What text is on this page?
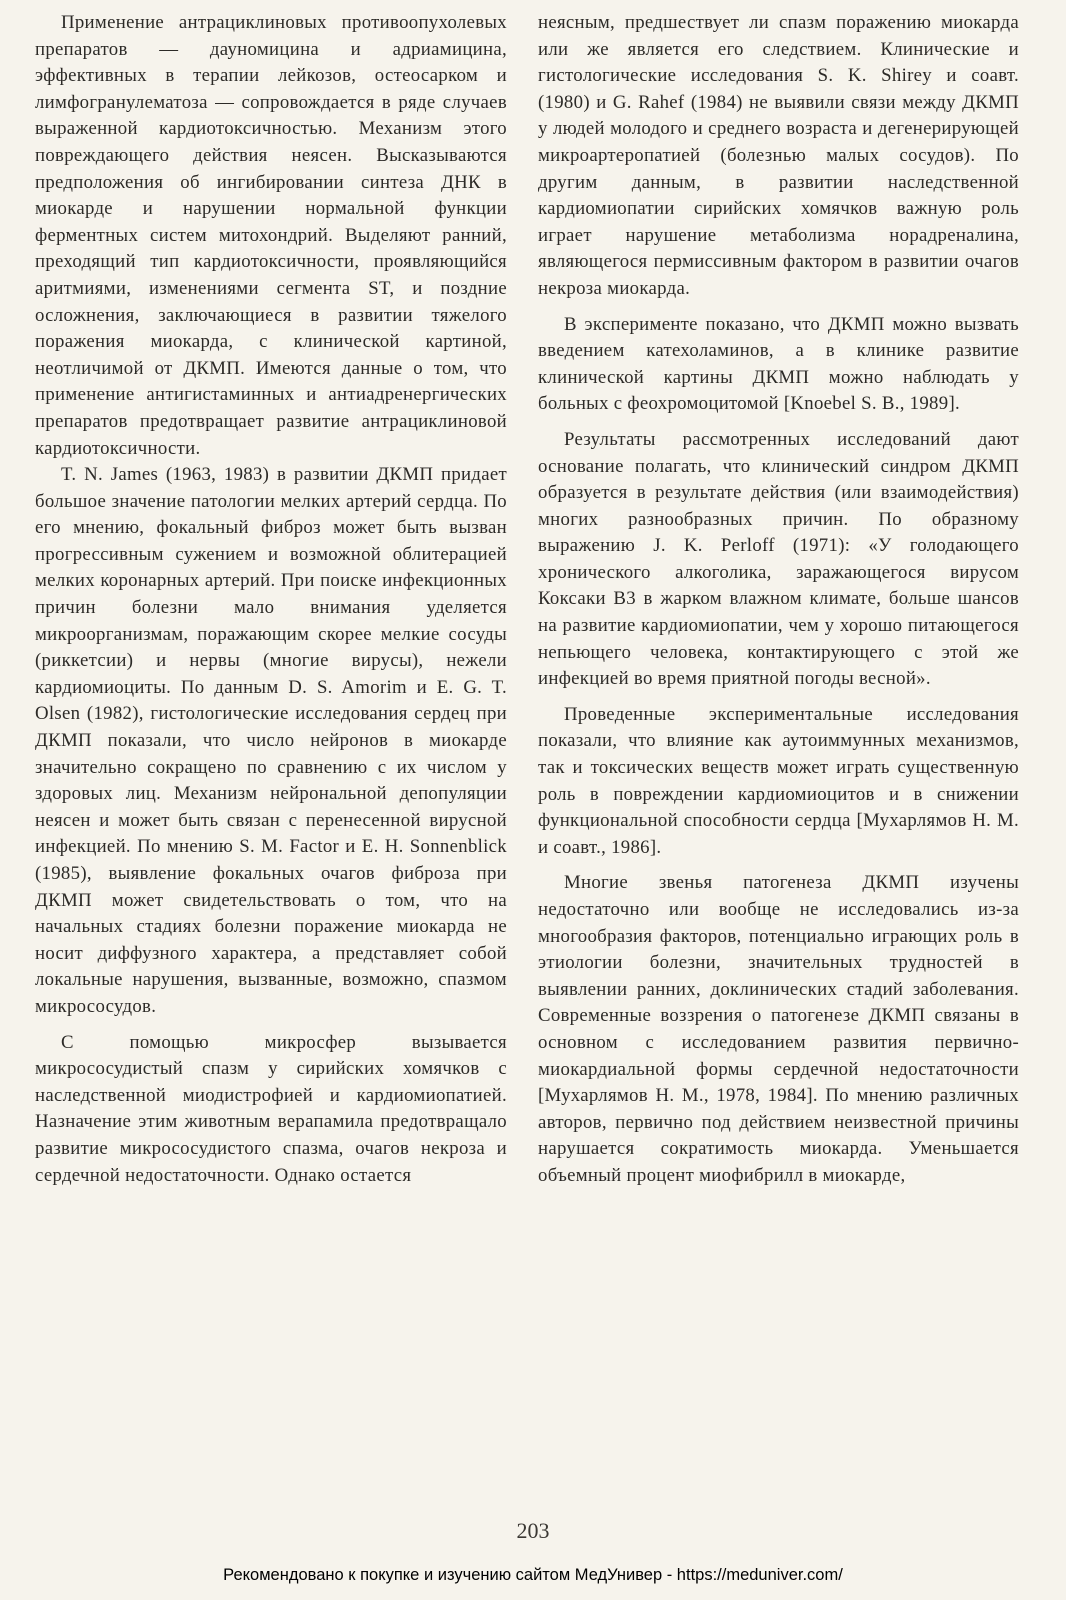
Применение антрациклиновых противоопухолевых препаратов — дауномицина и адриамицина, эффективных в терапии лейкозов, остеосарком и лимфогранулематоза — сопровождается в ряде случаев выраженной кардиотоксичностью. Механизм этого повреждающего действия неясен. Высказываются предположения об ингибировании синтеза ДНК в миокарде и нарушении нормальной функции ферментных систем митохондрий. Выделяют ранний, преходящий тип кардиотоксичности, проявляющийся аритмиями, изменениями сегмента ST, и поздние осложнения, заключающиеся в развитии тяжелого поражения миокарда, с клинической картиной, неотличимой от ДКМП. Имеются данные о том, что применение антигистаминных и антиадренергических препаратов предотвращает развитие антрациклиновой кардиотоксичности.

T. N. James (1963, 1983) в развитии ДКМП придает большое значение патологии мелких артерий сердца. По его мнению, фокальный фиброз может быть вызван прогрессивным сужением и возможной облитерацией мелких коронарных артерий. При поиске инфекционных причин болезни мало внимания уделяется микроорганизмам, поражающим скорее мелкие сосуды (риккетсии) и нервы (многие вирусы), нежели кардиомиоциты. По данным D. S. Amorim и E. G. T. Olsen (1982), гистологические исследования сердец при ДКМП показали, что число нейронов в миокарде значительно сокращено по сравнению с их числом у здоровых лиц. Механизм нейрональной депопуляции неясен и может быть связан с перенесенной вирусной инфекцией. По мнению S. M. Factor и E. H. Sonnenblick (1985), выявление фокальных очагов фиброза при ДКМП может свидетельствовать о том, что на начальных стадиях болезни поражение миокарда не носит диффузного характера, а представляет собой локальные нарушения, вызванные, возможно, спазмом микрососудов.

С помощью микросфер вызывается микрососудистый спазм у сирийских хомячков с наследственной миодистрофией и кардиомиопатией. Назначение этим животным верапамила предотвращало развитие микрососудистого спазма, очагов некроза и сердечной недостаточности. Однако остается

неясным, предшествует ли спазм поражению миокарда или же является его следствием. Клинические и гистологические исследования S. K. Shirey и соавт. (1980) и G. Rahef (1984) не выявили связи между ДКМП у людей молодого и среднего возраста и дегенерирующей микроартеропатией (болезнью малых сосудов). По другим данным, в развитии наследственной кардиомиопатии сирийских хомячков важную роль играет нарушение метаболизма норадреналина, являющегося пермиссивным фактором в развитии очагов некроза миокарда.

В эксперименте показано, что ДКМП можно вызвать введением катехоламинов, а в клинике развитие клинической картины ДКМП можно наблюдать у больных с феохромоцитомой [Knoebel S. B., 1989].

Результаты рассмотренных исследований дают основание полагать, что клинический синдром ДКМП образуется в результате действия (или взаимодействия) многих разнообразных причин. По образному выражению J. K. Perloff (1971): «У голодающего хронического алкоголика, заражающегося вирусом Коксаки B3 в жарком влажном климате, больше шансов на развитие кардиомиопатии, чем у хорошо питающегося непьющего человека, контактирующего с этой же инфекцией во время приятной погоды весной».

Проведенные экспериментальные исследования показали, что влияние как аутоиммунных механизмов, так и токсических веществ может играть существенную роль в повреждении кардиомиоцитов и в снижении функциональной способности сердца [Мухарлямов Н. М. и соавт., 1986].

Многие звенья патогенеза ДКМП изучены недостаточно или вообще не исследовались из-за многообразия факторов, потенциально играющих роль в этиологии болезни, значительных трудностей в выявлении ранних, доклинических стадий заболевания. Современные воззрения о патогенезе ДКМП связаны в основном с исследованием развития первично-миокардиальной формы сердечной недостаточности [Мухарлямов Н. М., 1978, 1984]. По мнению различных авторов, первично под действием неизвестной причины нарушается сократимость миокарда. Уменьшается объемный процент миофибрилл в миокарде,

203
Рекомендовано к покупке и изучению сайтом МедУнивер - https://meduniver.com/
